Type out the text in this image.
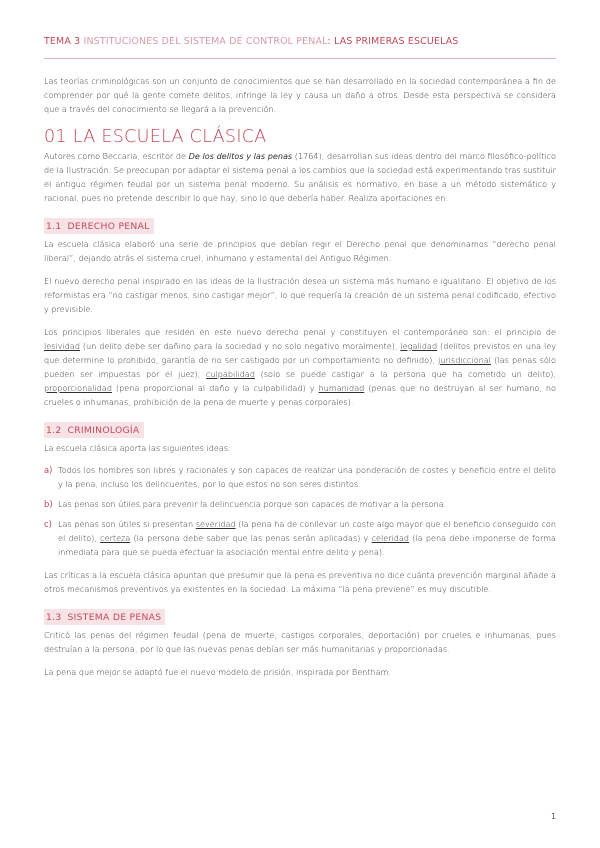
TEMA 3 INSTITUCIONES DEL SISTEMA DE CONTROL PENAL: LAS PRIMERAS ESCUELAS

Las teorías criminológicas son un conjunto de conocimientos que se han desarrollado en la sociedad contemporánea a fin de comprender por qué la gente comete delitos, infringe la ley y causa un daño a otros. Desde esta perspectiva se considera que a través del conocimiento se llegará a la prevención.

01 LA ESCUELA CLÁSICA

Autores como Beccaria, escritor de De los delitos y las penas (1764), desarrollan sus ideas dentro del marco filosófico-político de la Ilustración. Se preocupan por adaptar el sistema penal a los cambios que la sociedad está experimentando tras sustituir el antiguo régimen feudal por un sistema penal moderno. Su análisis es normativo, en base a un método sistemático y racional, pues no pretende describir lo que hay, sino lo que debería haber. Realiza aportaciones en:

1.1 DERECHO PENAL

La escuela clásica elaboró una serie de principios que debían regir el Derecho penal que denominamos “derecho penal liberal”, dejando atrás el sistema cruel, inhumano y estamental del Antiguo Régimen.

El nuevo derecho penal inspirado en las ideas de la Ilustración desea un sistema más humano e igualitario. El objetivo de los reformistas era “no castigar menos, sino castigar mejor”, lo que requería la creación de un sistema penal codificado, efectivo y previsible.

Los principios liberales que residen en este nuevo derecho penal y constituyen el contemporáneo son: el principio de lesividad (un delito debe ser dañino para la sociedad y no solo negativo moralmente), legalidad (delitos previstos en una ley que determine lo prohibido, garantía de no ser castigado por un comportamiento no definido), jurisdiccional (las penas sólo pueden ser impuestas por el juez), culpabilidad (solo se puede castigar a la persona que ha cometido un delito), proporcionalidad (pena proporcional al daño y la culpabilidad) y humanidad (penas que no destruyan al ser humano, no crueles o inhumanas, prohibición de la pena de muerte y penas corporales).

1.2 CRIMINOLOGÍA

La escuela clásica aporta las siguientes ideas:

a) Todos los hombres son libres y racionales y son capaces de realizar una ponderación de costes y beneficio entre el delito y la pena, incluso los delincuentes, por lo que estos no son seres distintos.

b) Las penas son útiles para prevenir la delincuencia porque son capaces de motivar a la persona.

c) Las penas son útiles si presentan severidad (la pena ha de conllevar un coste algo mayor que el beneficio conseguido con el delito), certeza (la persona debe saber que las penas serán aplicadas) y celeridad (la pena debe imponerse de forma inmediata para que se pueda efectuar la asociación mental entre delito y pena).

Las críticas a la escuela clásica apuntan que presumir que la pena es preventiva no dice cuánta prevención marginal añade a otros mecanismos preventivos ya existentes en la sociedad. La máxima “la pena previene” es muy discutible.

1.3 SISTEMA DE PENAS

Criticó las penas del régimen feudal (pena de muerte, castigos corporales, deportación) por crueles e inhumanas, pues destruían a la persona, por lo que las nuevas penas debían ser más humanitarias y proporcionadas.

La pena que mejor se adaptó fue el nuevo modelo de prisión, inspirada por Bentham.

1
